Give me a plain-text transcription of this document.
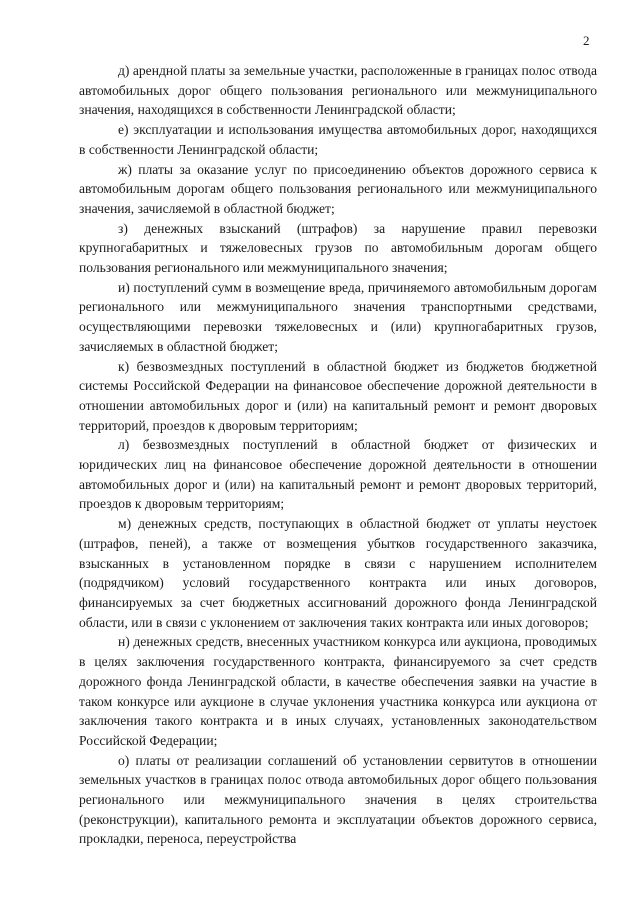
2

д) арендной платы за земельные участки, расположенные в границах полос отвода автомобильных дорог общего пользования регионального или межмуниципального значения, находящихся в собственности Ленинградской области;

е) эксплуатации и использования имущества автомобильных дорог, находящихся в собственности Ленинградской области;

ж) платы за оказание услуг по присоединению объектов дорожного сервиса к автомобильным дорогам общего пользования регионального или межмуниципального значения, зачисляемой в областной бюджет;

з) денежных взысканий (штрафов) за нарушение правил перевозки крупногабаритных и тяжеловесных грузов по автомобильным дорогам общего пользования регионального или межмуниципального значения;

и) поступлений сумм в возмещение вреда, причиняемого автомобильным дорогам регионального или межмуниципального значения транспортными средствами, осуществляющими перевозки тяжеловесных и (или) крупногабаритных грузов, зачисляемых в областной бюджет;

к) безвозмездных поступлений в областной бюджет из бюджетов бюджетной системы Российской Федерации на финансовое обеспечение дорожной деятельности в отношении автомобильных дорог и (или) на капитальный ремонт и ремонт дворовых территорий, проездов к дворовым территориям;

л) безвозмездных поступлений в областной бюджет от физических и юридических лиц на финансовое обеспечение дорожной деятельности в отношении автомобильных дорог и (или) на капитальный ремонт и ремонт дворовых территорий, проездов к дворовым территориям;

м) денежных средств, поступающих в областной бюджет от уплаты неустоек (штрафов, пеней), а также от возмещения убытков государственного заказчика, взысканных в установленном порядке в связи с нарушением исполнителем (подрядчиком) условий государственного контракта или иных договоров, финансируемых за счет бюджетных ассигнований дорожного фонда Ленинградской области, или в связи с уклонением от заключения таких контракта или иных договоров;

н) денежных средств, внесенных участником конкурса или аукциона, проводимых в целях заключения государственного контракта, финансируемого за счет средств дорожного фонда Ленинградской области, в качестве обеспечения заявки на участие в таком конкурсе или аукционе в случае уклонения участника конкурса или аукциона от заключения такого контракта и в иных случаях, установленных законодательством Российской Федерации;

о) платы от реализации соглашений об установлении сервитутов в отношении земельных участков в границах полос отвода автомобильных дорог общего пользования регионального или межмуниципального значения в целях строительства (реконструкции), капитального ремонта и эксплуатации объектов дорожного сервиса, прокладки, переноса, переустройства
